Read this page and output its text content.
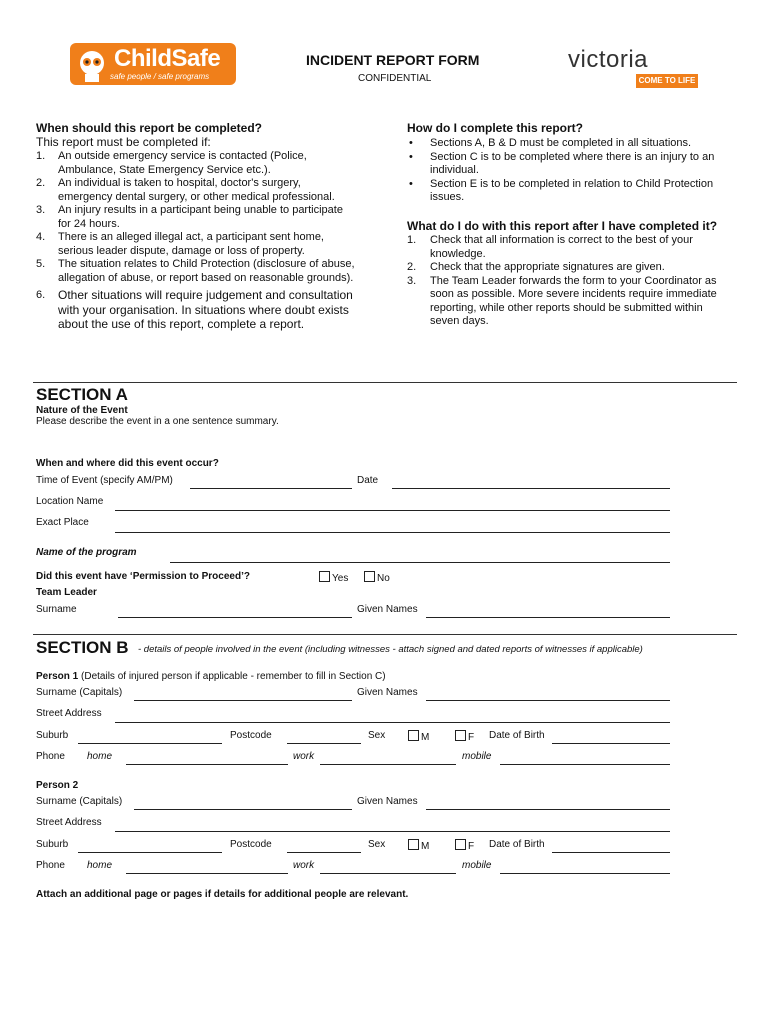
ChildSafe
safe people / safe programs
INCIDENT REPORT FORM
CONFIDENTIAL
victoria
COME TO LIFE
When should this report be completed?
This report must be completed if:
1. An outside emergency service is contacted (Police, Ambulance, State Emergency Service etc.).
2. An individual is taken to hospital, doctor's surgery, emergency dental surgery, or other medical professional.
3. An injury results in a participant being unable to participate for 24 hours.
4. There is an alleged illegal act, a participant sent home, serious leader dispute, damage or loss of property.
5. The situation relates to Child Protection (disclosure of abuse, allegation of abuse, or report based on reasonable grounds).
6. Other situations will require judgement and consultation with your organisation. In situations where doubt exists about the use of this report, complete a report.
How do I complete this report?
• Sections A, B & D must be completed in all situations.
• Section C is to be completed where there is an injury to an individual.
• Section E is to be completed in relation to Child Protection issues.
What do I do with this report after I have completed it?
1. Check that all information is correct to the best of your knowledge.
2. Check that the appropriate signatures are given.
3. The Team Leader forwards the form to your Coordinator as soon as possible. More severe incidents require immediate reporting, while other reports should be submitted within seven days.
SECTION A
Nature of the Event
Please describe the event in a one sentence summary.
When and where did this event occur?
Time of Event (specify AM/PM)	Date
Location Name
Exact Place
Name of the program
Did this event have ‘Permission to Proceed’?	Yes	No
Team Leader
Surname	Given Names
SECTION B - details of people involved in the event (including witnesses - attach signed and dated reports of witnesses if applicable)
Person 1 (Details of injured person if applicable - remember to fill in Section C)
Surname (Capitals)	Given Names
Street Address
Suburb	Postcode	Sex	M	F Date of Birth
Phone home	work	mobile
Person 2
Surname (Capitals)	Given Names
Street Address
Suburb	Postcode	Sex	M	F Date of Birth
Phone home	work	mobile
Attach an additional page or pages if details for additional people are relevant.
